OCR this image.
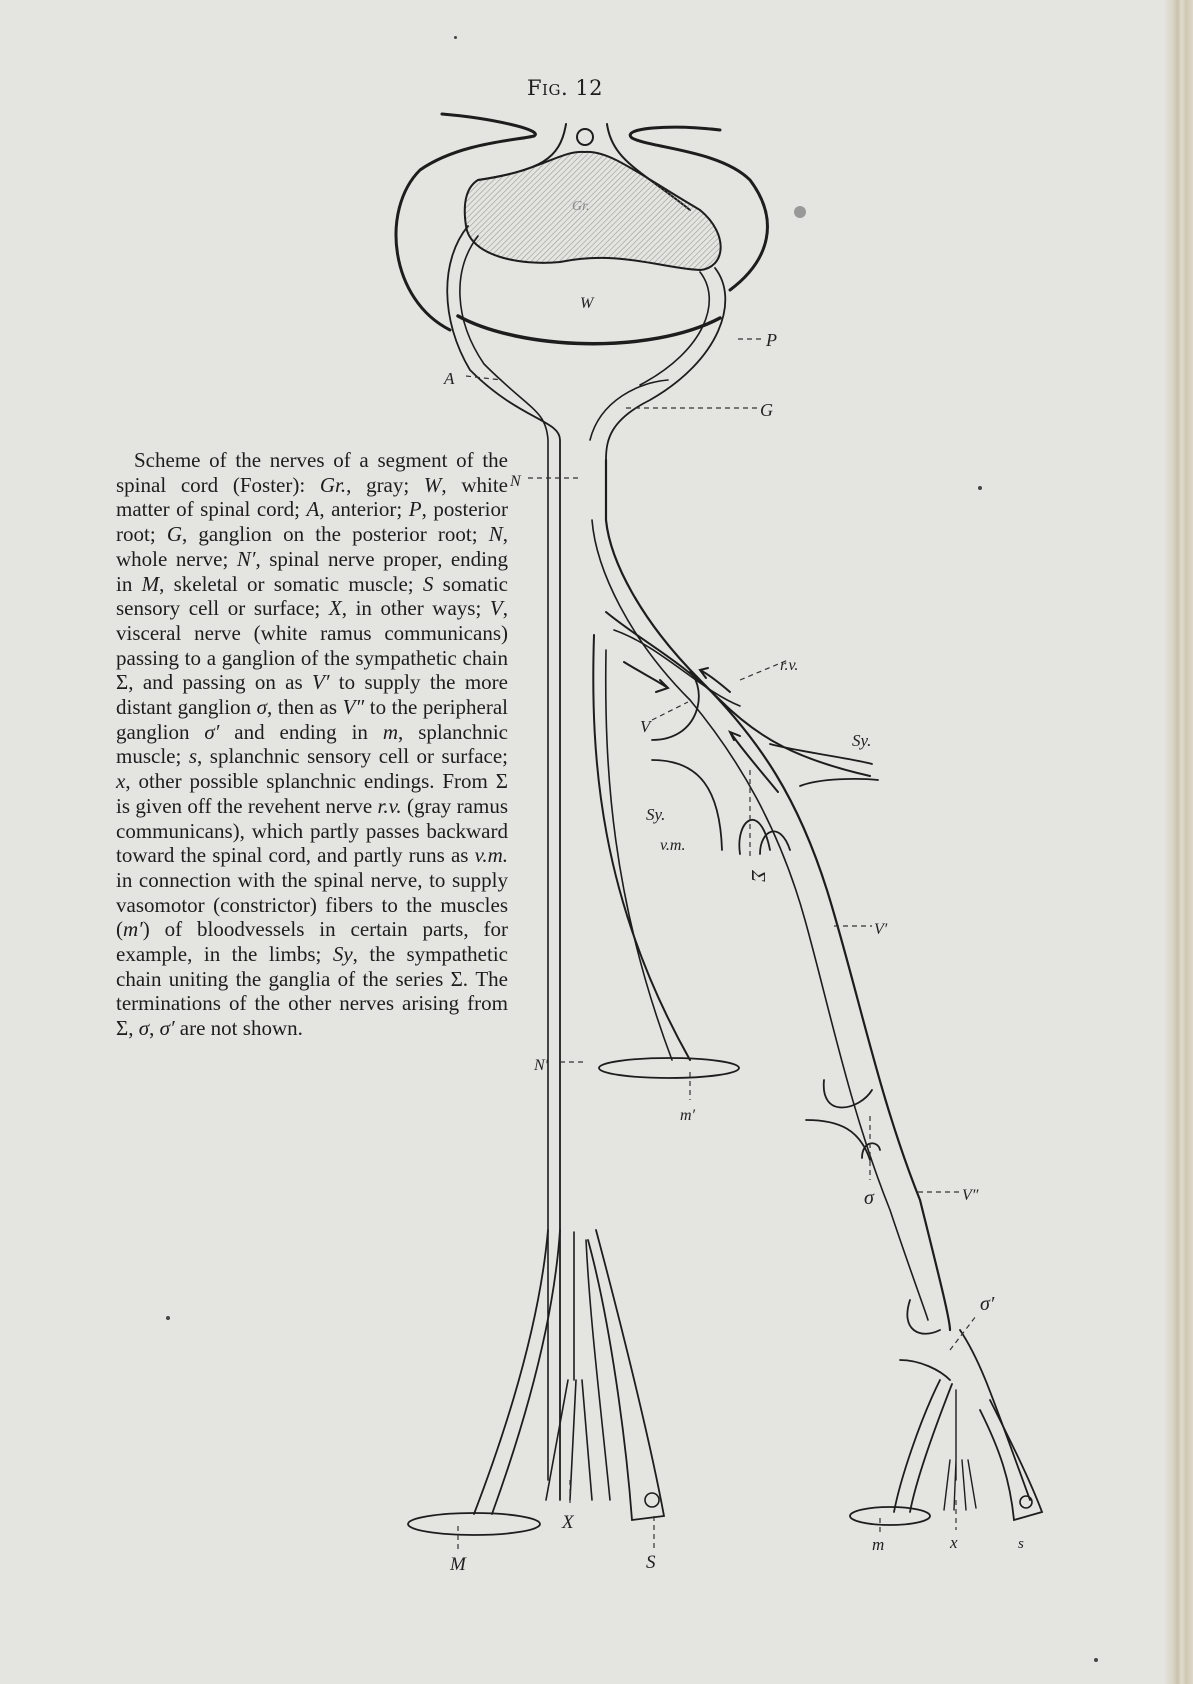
Fig. 12

Scheme of the nerves of a segment of the spinal cord (Foster): Gr., gray; W, white matter of spinal cord; A, anterior; P, posterior root; G, ganglion on the posterior root; N, whole nerve; N′, spinal nerve proper, ending in M, skeletal or somatic muscle; S somatic sensory cell or surface; X, in other ways; V, visceral nerve (white ramus communicans) passing to a ganglion of the sympathetic chain Σ, and passing on as V′ to supply the more distant ganglion σ, then as V″ to the peripheral ganglion σ′ and ending in m, splanchnic muscle; s, splanchnic sensory cell or surface; x, other possible splanchnic endings. From Σ is given off the revehent nerve r.v. (gray ramus communicans), which partly passes backward toward the spinal cord, and partly runs as v.m. in connection with the spinal nerve, to supply vasomotor (constrictor) fibers to the muscles (m′) of bloodvessels in certain parts, for example, in the limbs; Sy, the sympathetic chain uniting the ganglia of the series Σ. The terminations of the other nerves arising from Σ, σ, σ′ are not shown.

Gr.
W
A
P
G
N
r.v.
V
Sy.
Sy.
v.m.
Σ
V′
N′
m′
σ	V″
σ′
M
X
S
m	x	s
